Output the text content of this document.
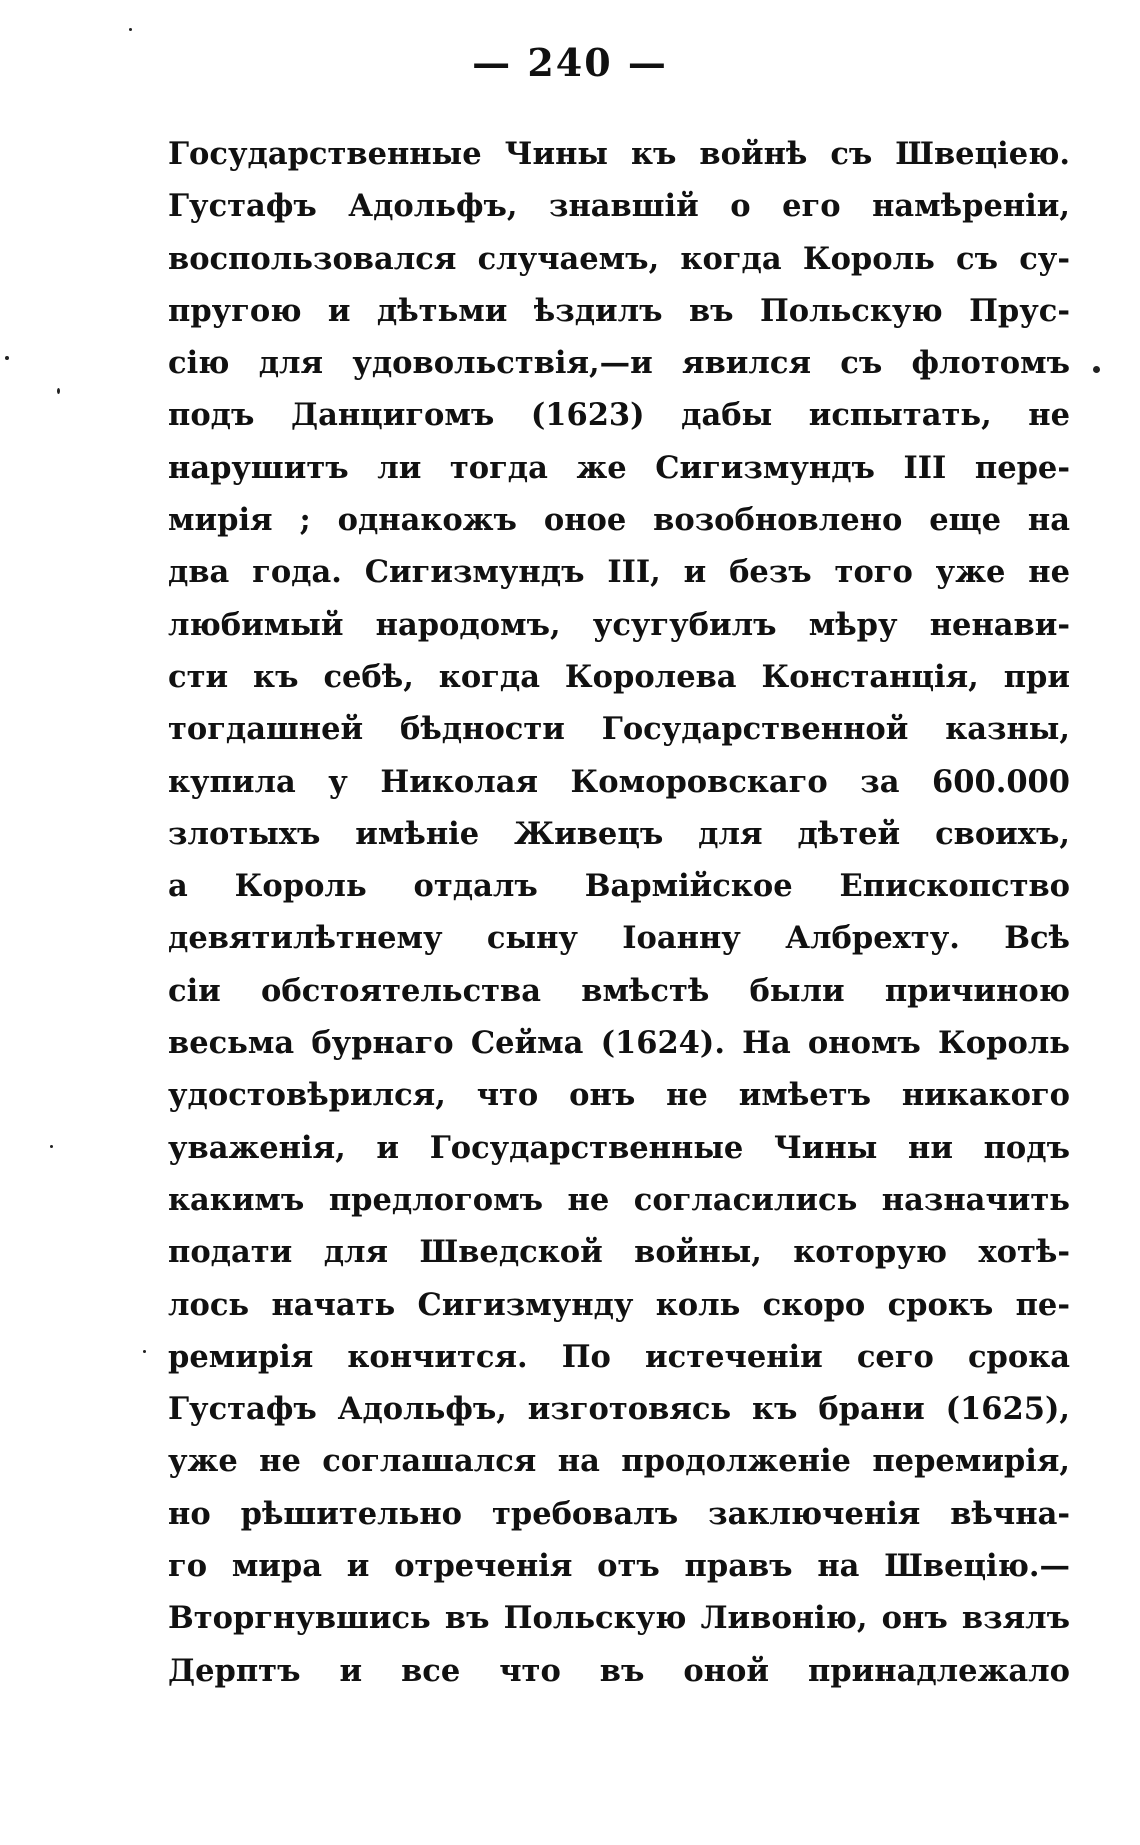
— 240 —
Государственные Чины къ войнѣ съ Швецiею.
Густафъ Адольфъ, знавшiй о его намѣренiи,
воспользовался случаемъ, когда Король съ су-
пругою и дѣтьми ѣздилъ въ Польскую Прус-
сiю для удовольствiя,—и явился съ флотомъ
подъ Данцигомъ (1623) дабы испытать, не
нарушитъ ли тогда же Сигизмундъ III пере-
мирiя ; однакожъ оное возобновлено еще на
два года. Сигизмундъ III, и безъ того уже не
любимый народомъ, усугубилъ мѣру ненави-
сти къ себѣ, когда Королева Констанцiя, при
тогдашней бѣдности Государственной казны,
купила у Николая Коморовскаго за 600.000
злотыхъ имѣнiе Живецъ для дѣтей своихъ,
а Король отдалъ Вармiйское Епископство
девятилѣтнему сыну Iоанну Албрехту. Всѣ
сiи обстоятельства вмѣстѣ были причиною
весьма бурнаго Сейма (1624). На ономъ Король
удостовѣрился, что онъ не имѣетъ никакого
уваженiя, и Государственные Чины ни подъ
какимъ предлогомъ не согласились назначить
подати для Шведской войны, которую хотѣ-
лось начать Сигизмунду коль скоро срокъ пе-
ремирiя кончится. По истеченiи сего срока
Густафъ Адольфъ, изготовясь къ брани (1625),
уже не соглашался на продолженiе перемирiя,
но рѣшительно требовалъ заключенiя вѣчна-
го мира и отреченiя отъ правъ на Швецiю.—
Вторгнувшись въ Польскую Ливонiю, онъ взялъ
Дерптъ и все что въ оной принадлежало
